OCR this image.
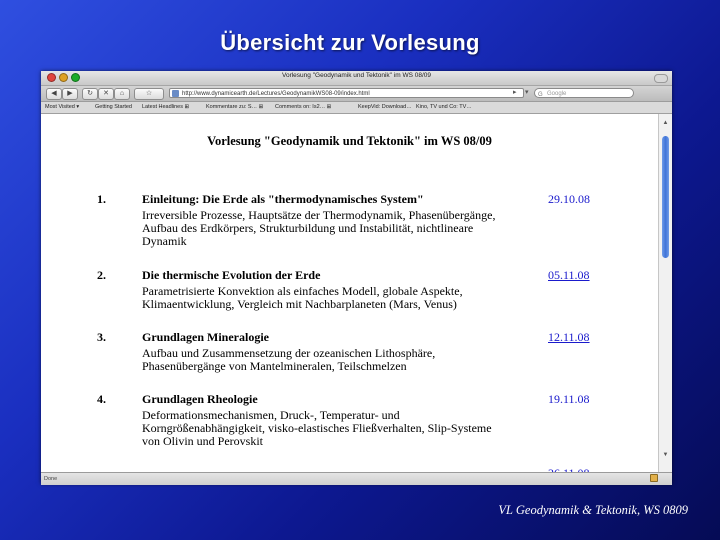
Übersicht zur Vorlesung
Vorlesung "Geodynamik und Tektonik" im WS 08/09
◀	▶	↻	✕	⌂	☆	http://www.dynamicearth.de/Lectures/GeodynamikWS08-09/index.html	▸ ▾ G Google
Most Visited ▾	Getting Started Latest Headlines ⊞	Kommentare zu: S… ⊞ Comments on: Is2… ⊞	KeepVid: Download… Kino, TV und Co: TV…
Vorlesung "Geodynamik und Tektonik" im WS 08/09
1.	Einleitung: Die Erde als "thermodynamisches System"	29.10.08
Irreversible Prozesse, Hauptsätze der Thermodynamik, Phasenübergänge,
Aufbau des Erdkörpers, Strukturbildung und Instabilität, nichtlineare
Dynamik
2.	Die thermische Evolution der Erde	05.11.08
Parametrisierte Konvektion als einfaches Modell, globale Aspekte,
Klimaentwicklung, Vergleich mit Nachbarplaneten (Mars, Venus)
3.	Grundlagen Mineralogie	12.11.08
Aufbau und Zusammensetzung der ozeanischen Lithosphäre,
Phasenübergänge von Mantelmineralen, Teilschmelzen
4.	Grundlagen Rheologie	19.11.08
Deformationsmechanismen, Druck-, Temperatur- und
Korngrößenabhängigkeit, visko-elastisches Fließverhalten, Slip-Systeme
von Olivin und Perovskit
▲
▼
Done
VL Geodynamik & Tektonik, WS 0809
